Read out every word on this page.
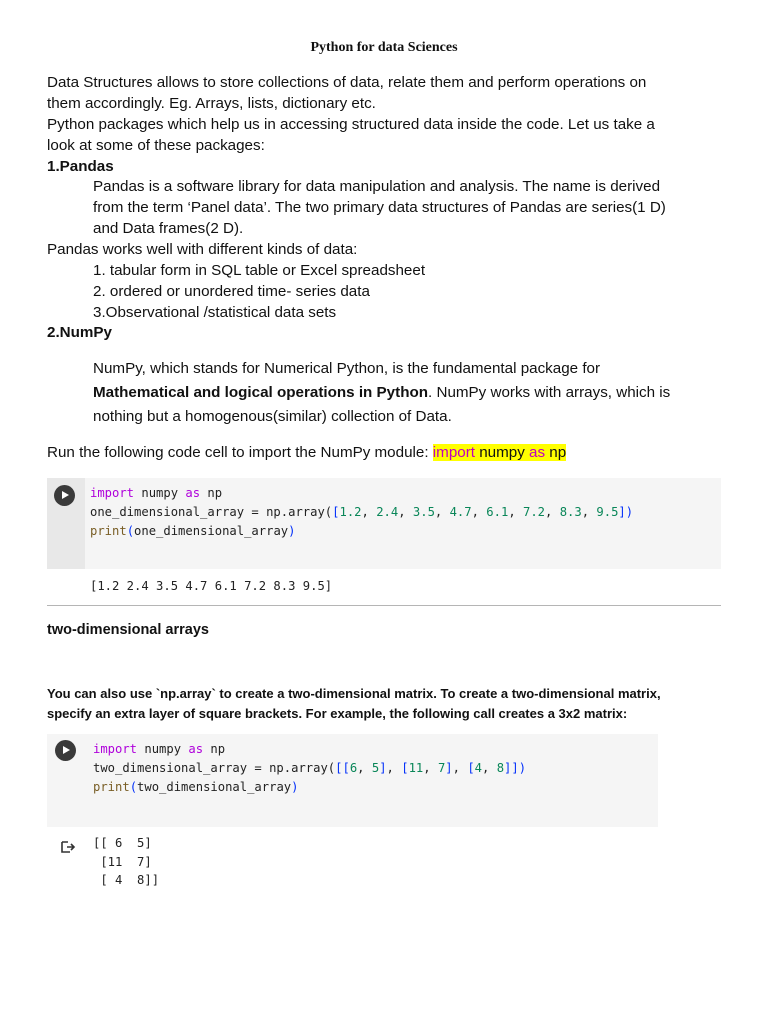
Python for data Sciences
Data Structures allows to store collections of data, relate them and perform operations on
them accordingly. Eg. Arrays, lists, dictionary etc.
Python packages which help us in accessing structured data inside the code. Let us take a
look at some of these packages:
1.Pandas
Pandas is a software library for data manipulation and analysis. The name is derived
from the term ‘Panel data’. The two primary data structures of Pandas are series(1 D)
and Data frames(2 D).
Pandas works well with different kinds of data:
1. tabular form in SQL table or Excel spreadsheet
2. ordered or unordered time- series data
3.Observational /statistical data sets
2.NumPy
NumPy, which stands for Numerical Python, is the fundamental package for
Mathematical and logical operations in Python. NumPy works with arrays, which is
nothing but a homogenous(similar) collection of Data.
Run the following code cell to import the NumPy module: import numpy as np
import numpy as np
one_dimensional_array = np.array([1.2, 2.4, 3.5, 4.7, 6.1, 7.2, 8.3, 9.5])
print(one_dimensional_array)
[1.2 2.4 3.5 4.7 6.1 7.2 8.3 9.5]
two-dimensional arrays
You can also use `np.array` to create a two-dimensional matrix. To create a two-dimensional matrix,
specify an extra layer of square brackets. For example, the following call creates a 3x2 matrix:
import numpy as np
two_dimensional_array = np.array([[6, 5], [11, 7], [4, 8]])
print(two_dimensional_array)
[[ 6  5]
[11  7]
[ 4  8]]
